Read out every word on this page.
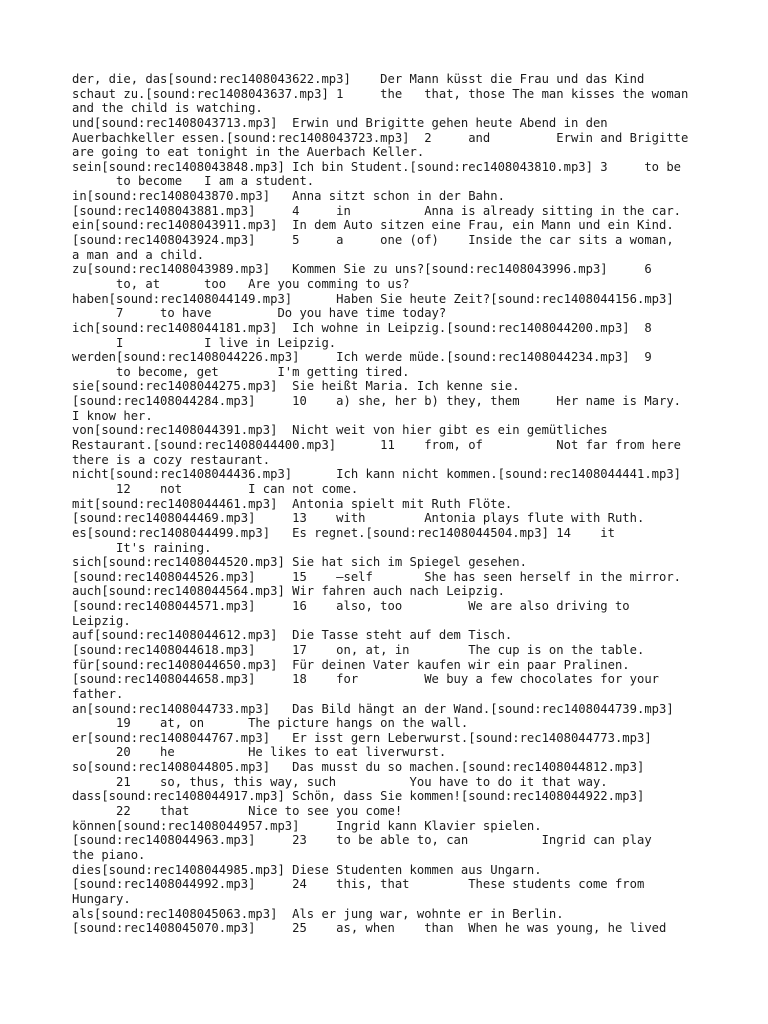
der, die, das[sound:rec1408043622.mp3]    Der Mann küsst die Frau und das Kind
schaut zu.[sound:rec1408043637.mp3] 1     the   that, those The man kisses the woman
and the child is watching.
und[sound:rec1408043713.mp3]  Erwin und Brigitte gehen heute Abend in den
Auerbachkeller essen.[sound:rec1408043723.mp3]  2     and         Erwin and Brigitte
are going to eat tonight in the Auerbach Keller.
sein[sound:rec1408043848.mp3] Ich bin Student.[sound:rec1408043810.mp3] 3     to be
to become   I am a student.
in[sound:rec1408043870.mp3]   Anna sitzt schon in der Bahn.
[sound:rec1408043881.mp3]     4     in          Anna is already sitting in the car.
ein[sound:rec1408043911.mp3]  In dem Auto sitzen eine Frau, ein Mann und ein Kind.
[sound:rec1408043924.mp3]     5     a     one (of)    Inside the car sits a woman,
a man and a child.
zu[sound:rec1408043989.mp3]   Kommen Sie zu uns?[sound:rec1408043996.mp3]     6
to, at      too   Are you comming to us?
haben[sound:rec1408044149.mp3]      Haben Sie heute Zeit?[sound:rec1408044156.mp3]
7     to have         Do you have time today?
ich[sound:rec1408044181.mp3]  Ich wohne in Leipzig.[sound:rec1408044200.mp3]  8
I           I live in Leipzig.
werden[sound:rec1408044226.mp3]     Ich werde müde.[sound:rec1408044234.mp3]  9
to become, get        I'm getting tired.
sie[sound:rec1408044275.mp3]  Sie heißt Maria. Ich kenne sie.
[sound:rec1408044284.mp3]     10    a) she, her b) they, them     Her name is Mary.
I know her.
von[sound:rec1408044391.mp3]  Nicht weit von hier gibt es ein gemütliches
Restaurant.[sound:rec1408044400.mp3]      11    from, of          Not far from here
there is a cozy restaurant.
nicht[sound:rec1408044436.mp3]      Ich kann nicht kommen.[sound:rec1408044441.mp3]
12    not         I can not come.
mit[sound:rec1408044461.mp3]  Antonia spielt mit Ruth Flöte.
[sound:rec1408044469.mp3]     13    with        Antonia plays flute with Ruth.
es[sound:rec1408044499.mp3]   Es regnet.[sound:rec1408044504.mp3] 14    it
It's raining.
sich[sound:rec1408044520.mp3] Sie hat sich im Spiegel gesehen.
[sound:rec1408044526.mp3]     15    –self       She has seen herself in the mirror.
auch[sound:rec1408044564.mp3] Wir fahren auch nach Leipzig.
[sound:rec1408044571.mp3]     16    also, too         We are also driving to
Leipzig.
auf[sound:rec1408044612.mp3]  Die Tasse steht auf dem Tisch.
[sound:rec1408044618.mp3]     17    on, at, in        The cup is on the table.
für[sound:rec1408044650.mp3]  Für deinen Vater kaufen wir ein paar Pralinen.
[sound:rec1408044658.mp3]     18    for         We buy a few chocolates for your
father.
an[sound:rec1408044733.mp3]   Das Bild hängt an der Wand.[sound:rec1408044739.mp3]
19    at, on      The picture hangs on the wall.
er[sound:rec1408044767.mp3]   Er isst gern Leberwurst.[sound:rec1408044773.mp3]
20    he          He likes to eat liverwurst.
so[sound:rec1408044805.mp3]   Das musst du so machen.[sound:rec1408044812.mp3]
21    so, thus, this way, such          You have to do it that way.
dass[sound:rec1408044917.mp3] Schön, dass Sie kommen![sound:rec1408044922.mp3]
22    that        Nice to see you come!
können[sound:rec1408044957.mp3]     Ingrid kann Klavier spielen.
[sound:rec1408044963.mp3]     23    to be able to, can          Ingrid can play
the piano.
dies[sound:rec1408044985.mp3] Diese Studenten kommen aus Ungarn.
[sound:rec1408044992.mp3]     24    this, that        These students come from
Hungary.
als[sound:rec1408045063.mp3]  Als er jung war, wohnte er in Berlin.
[sound:rec1408045070.mp3]     25    as, when    than  When he was young, he lived
